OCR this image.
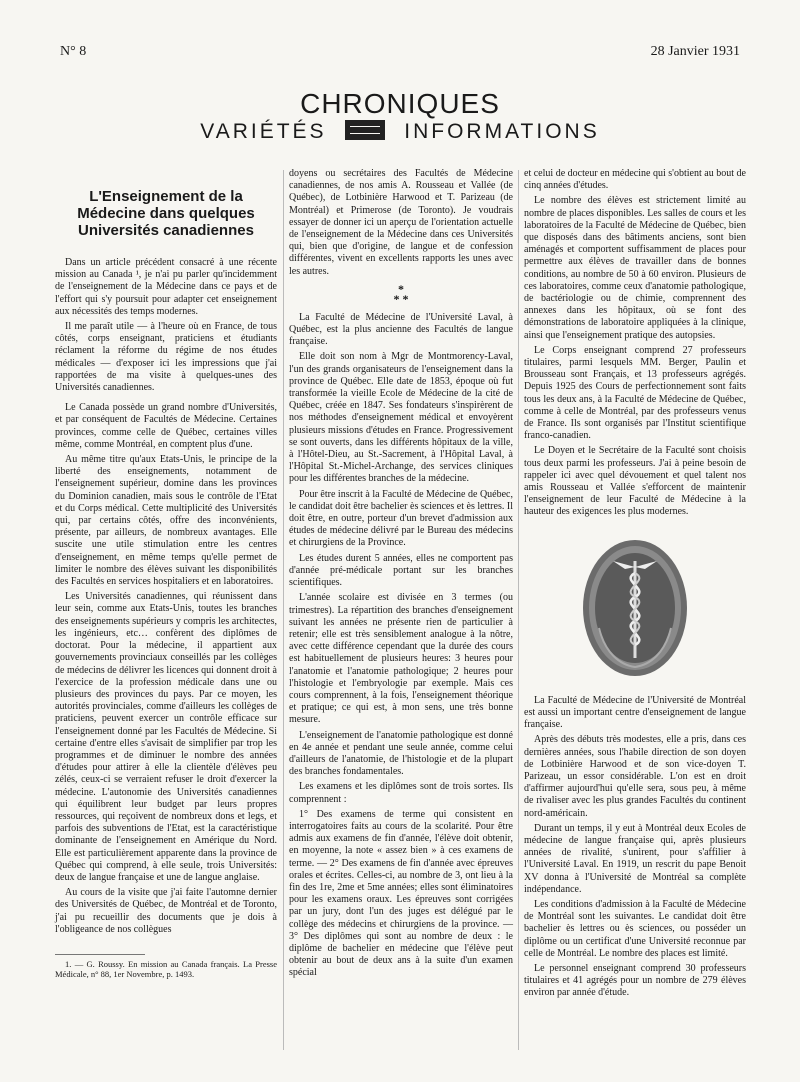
N° 8	28 Janvier 1931
CHRONIQUES
VARIÉTÉS	INFORMATIONS
L'Enseignement de la Médecine dans quelques Universités canadiennes

Dans un article précédent consacré à une récente mission au Canada ¹, je n'ai pu parler qu'incidemment de l'enseignement de la Médecine dans ce pays et de l'effort qui s'y poursuit pour adapter cet enseignement aux nécessités des temps modernes.

Il me paraît utile — à l'heure où en France, de tous côtés, corps enseignant, praticiens et étudiants réclament la réforme du régime de nos études médicales — d'exposer ici les impressions que j'ai rapportées de ma visite à quelques-unes des Universités canadiennes.

Le Canada possède un grand nombre d'Universités, et par conséquent de Facultés de Médecine. Certaines provinces, comme celle de Québec, certaines villes même, comme Montréal, en comptent plus d'une.

Au même titre qu'aux Etats-Unis, le principe de la liberté des enseignements, notamment de l'enseignement supérieur, domine dans les provinces du Dominion canadien, mais sous le contrôle de l'Etat et du Corps médical. Cette multiplicité des Universités qui, par certains côtés, offre des inconvénients, présente, par ailleurs, de nombreux avantages. Elle suscite une utile stimulation entre les centres d'enseignement, en même temps qu'elle permet de limiter le nombre des élèves suivant les disponibilités des Facultés en services hospitaliers et en laboratoires.

Les Universités canadiennes, qui réunissent dans leur sein, comme aux Etats-Unis, toutes les branches des enseignements supérieurs y compris les architectes, les ingénieurs, etc… confèrent des diplômes de doctorat. Pour la médecine, il appartient aux gouvernements provinciaux conseillés par les collèges de médecins de délivrer les licences qui donnent droit à l'exercice de la profession médicale dans une ou plusieurs des provinces du pays. Par ce moyen, les autorités provinciales, comme d'ailleurs les collèges de praticiens, peuvent exercer un contrôle efficace sur l'enseignement donné par les Facultés de Médecine. Si certaine d'entre elles s'avisait de simplifier par trop les programmes et de diminuer le nombre des années d'études pour attirer à elle la clientèle d'élèves peu zélés, ceux-ci se verraient refuser le droit d'exercer la médecine. L'autonomie des Universités canadiennes qui équilibrent leur budget par leurs propres ressources, qui reçoivent de nombreux dons et legs, et parfois des subventions de l'Etat, est la caractéristique dominante de l'enseignement en Amérique du Nord. Elle est particulièrement apparente dans la province de Québec qui comprend, à elle seule, trois Universités: deux de langue française et une de langue anglaise.

Au cours de la visite que j'ai faite l'automne dernier des Universités de Québec, de Montréal et de Toronto, j'ai pu recueillir des documents que je dois à l'obligeance de nos collègues

1. — G. Roussy. En mission au Canada français. La Presse Médicale, n° 88, 1er Novembre, p. 1493.

doyens ou secrétaires des Facultés de Médecine canadiennes, de nos amis A. Rousseau et Vallée (de Québec), de Lotbinière Harwood et T. Parizeau (de Montréal) et Primerose (de Toronto). Je voudrais essayer de donner ici un aperçu de l'orientation actuelle de l'enseignement de la Médecine dans ces Universités qui, bien que d'origine, de langue et de confession différentes, vivent en excellents rapports les unes avec les autres.

*
* *

La Faculté de Médecine de l'Université Laval, à Québec, est la plus ancienne des Facultés de langue française.

Elle doit son nom à Mgr de Montmorency-Laval, l'un des grands organisateurs de l'enseignement dans la province de Québec. Elle date de 1853, époque où fut transformée la vieille Ecole de Médecine de la cité de Québec, créée en 1847. Ses fondateurs s'inspirèrent de nos méthodes d'enseignement médical et envoyèrent plusieurs missions d'études en France. Progressivement se sont ouverts, dans les différents hôpitaux de la ville, à l'Hôtel-Dieu, au St.-Sacrement, à l'Hôpital Laval, à l'Hôpital St.-Michel-Archange, des services cliniques pour les différentes branches de la médecine.

Pour être inscrit à la Faculté de Médecine de Québec, le candidat doit être bachelier ès sciences et ès lettres. Il doit être, en outre, porteur d'un brevet d'admission aux études de médecine délivré par le Bureau des médecins et chirurgiens de la Province.

Les études durent 5 années, elles ne comportent pas d'année pré-médicale portant sur les branches scientifiques.

L'année scolaire est divisée en 3 termes (ou trimestres). La répartition des branches d'enseignement suivant les années ne présente rien de particulier à retenir; elle est très sensiblement analogue à la nôtre, avec cette différence cependant que la durée des cours est habituellement de plusieurs heures: 3 heures pour l'anatomie et l'anatomie pathologique; 2 heures pour l'histologie et l'embryologie par exemple. Mais ces cours comprennent, à la fois, l'enseignement théorique et pratique; ce qui est, à mon sens, une très bonne mesure.

L'enseignement de l'anatomie pathologique est donné en 4e année et pendant une seule année, comme celui d'ailleurs de l'anatomie, de l'histologie et de la plupart des branches fondamentales.

Les examens et les diplômes sont de trois sortes. Ils comprennent :

1° Des examens de terme qui consistent en interrogatoires faits au cours de la scolarité. Pour être admis aux examens de fin d'année, l'élève doit obtenir, en moyenne, la note « assez bien » à ces examens de terme. — 2° Des examens de fin d'année avec épreuves orales et écrites. Celles-ci, au nombre de 3, ont lieu à la fin des 1re, 2me et 5me années; elles sont éliminatoires pour les examens oraux. Les épreuves sont corrigées par un jury, dont l'un des juges est délégué par le collège des médecins et chirurgiens de la province. — 3° Des diplômes qui sont au nombre de deux : le diplôme de bachelier en médecine que l'élève peut obtenir au bout de deux ans à la suite d'un examen spécial

et celui de docteur en médecine qui s'obtient au bout de cinq années d'études.

Le nombre des élèves est strictement limité au nombre de places disponibles. Les salles de cours et les laboratoires de la Faculté de Médecine de Québec, bien que disposés dans des bâtiments anciens, sont bien aménagés et comportent suffisamment de places pour permettre aux élèves de travailler dans de bonnes conditions, au nombre de 50 à 60 environ. Plusieurs de ces laboratoires, comme ceux d'anatomie pathologique, de bactériologie ou de chimie, comprennent des annexes dans les hôpitaux, où se font des démonstrations de laboratoire appliquées à la clinique, ainsi que l'enseignement pratique des autopsies.

Le Corps enseignant comprend 27 professeurs titulaires, parmi lesquels MM. Berger, Paulin et Brousseau sont Français, et 13 professeurs agrégés. Depuis 1925 des Cours de perfectionnement sont faits tous les deux ans, à la Faculté de Médecine de Québec, comme à celle de Montréal, par des professeurs venus de France. Ils sont organisés par l'Institut scientifique franco-canadien.

Le Doyen et le Secrétaire de la Faculté sont choisis tous deux parmi les professeurs. J'ai à peine besoin de rappeler ici avec quel dévouement et quel talent nos amis Rousseau et Vallée s'efforcent de maintenir l'enseignement de leur Faculté de Médecine à la hauteur des exigences les plus modernes.

La Faculté de Médecine de l'Université de Montréal est aussi un important centre d'enseignement de langue française.

Après des débuts très modestes, elle a pris, dans ces dernières années, sous l'habile direction de son doyen de Lotbinière Harwood et de son vice-doyen T. Parizeau, un essor considérable. L'on est en droit d'affirmer aujourd'hui qu'elle sera, sous peu, à même de rivaliser avec les plus grandes Facultés du continent nord-américain.

Durant un temps, il y eut à Montréal deux Ecoles de médecine de langue française qui, après plusieurs années de rivalité, s'unirent, pour s'affilier à l'Université Laval. En 1919, un rescrit du pape Benoit XV donna à l'Université de Montréal sa complète indépendance.

Les conditions d'admission à la Faculté de Médecine de Montréal sont les suivantes. Le candidat doit être bachelier ès lettres ou ès sciences, ou posséder un diplôme ou un certificat d'une Université reconnue par celle de Montréal. Le nombre des places est limité.

Le personnel enseignant comprend 30 professeurs titulaires et 41 agrégés pour un nombre de 279 élèves environ par année d'étude.
